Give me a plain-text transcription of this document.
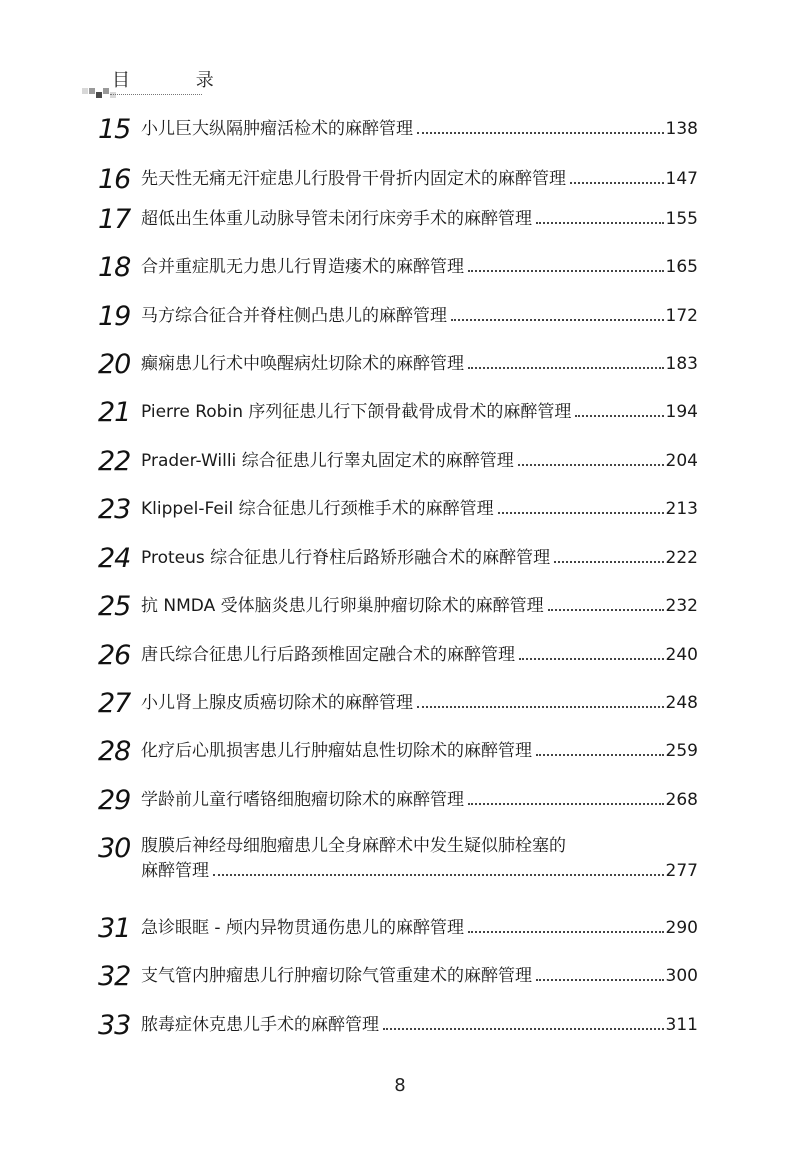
目 录
15 小儿巨大纵隔肿瘤活检术的麻醉管理	138
16 先天性无痛无汗症患儿行股骨干骨折内固定术的麻醉管理	147
17 超低出生体重儿动脉导管未闭行床旁手术的麻醉管理	155
18 合并重症肌无力患儿行胃造瘘术的麻醉管理	165
19 马方综合征合并脊柱侧凸患儿的麻醉管理	172
20 癫痫患儿行术中唤醒病灶切除术的麻醉管理	183
21 Pierre Robin 序列征患儿行下颌骨截骨成骨术的麻醉管理	194
22 Prader-Willi 综合征患儿行睾丸固定术的麻醉管理	204
23 Klippel-Feil 综合征患儿行颈椎手术的麻醉管理	213
24 Proteus 综合征患儿行脊柱后路矫形融合术的麻醉管理	222
25 抗 NMDA 受体脑炎患儿行卵巢肿瘤切除术的麻醉管理	232
26 唐氏综合征患儿行后路颈椎固定融合术的麻醉管理	240
27 小儿肾上腺皮质癌切除术的麻醉管理	248
28 化疗后心肌损害患儿行肿瘤姑息性切除术的麻醉管理	259
29 学龄前儿童行嗜铬细胞瘤切除术的麻醉管理	268
30 腹膜后神经母细胞瘤患儿全身麻醉术中发生疑似肺栓塞的
麻醉管理	277
31 急诊眼眶 - 颅内异物贯通伤患儿的麻醉管理	290
32 支气管内肿瘤患儿行肿瘤切除气管重建术的麻醉管理	300
33 脓毒症休克患儿手术的麻醉管理	311
8
